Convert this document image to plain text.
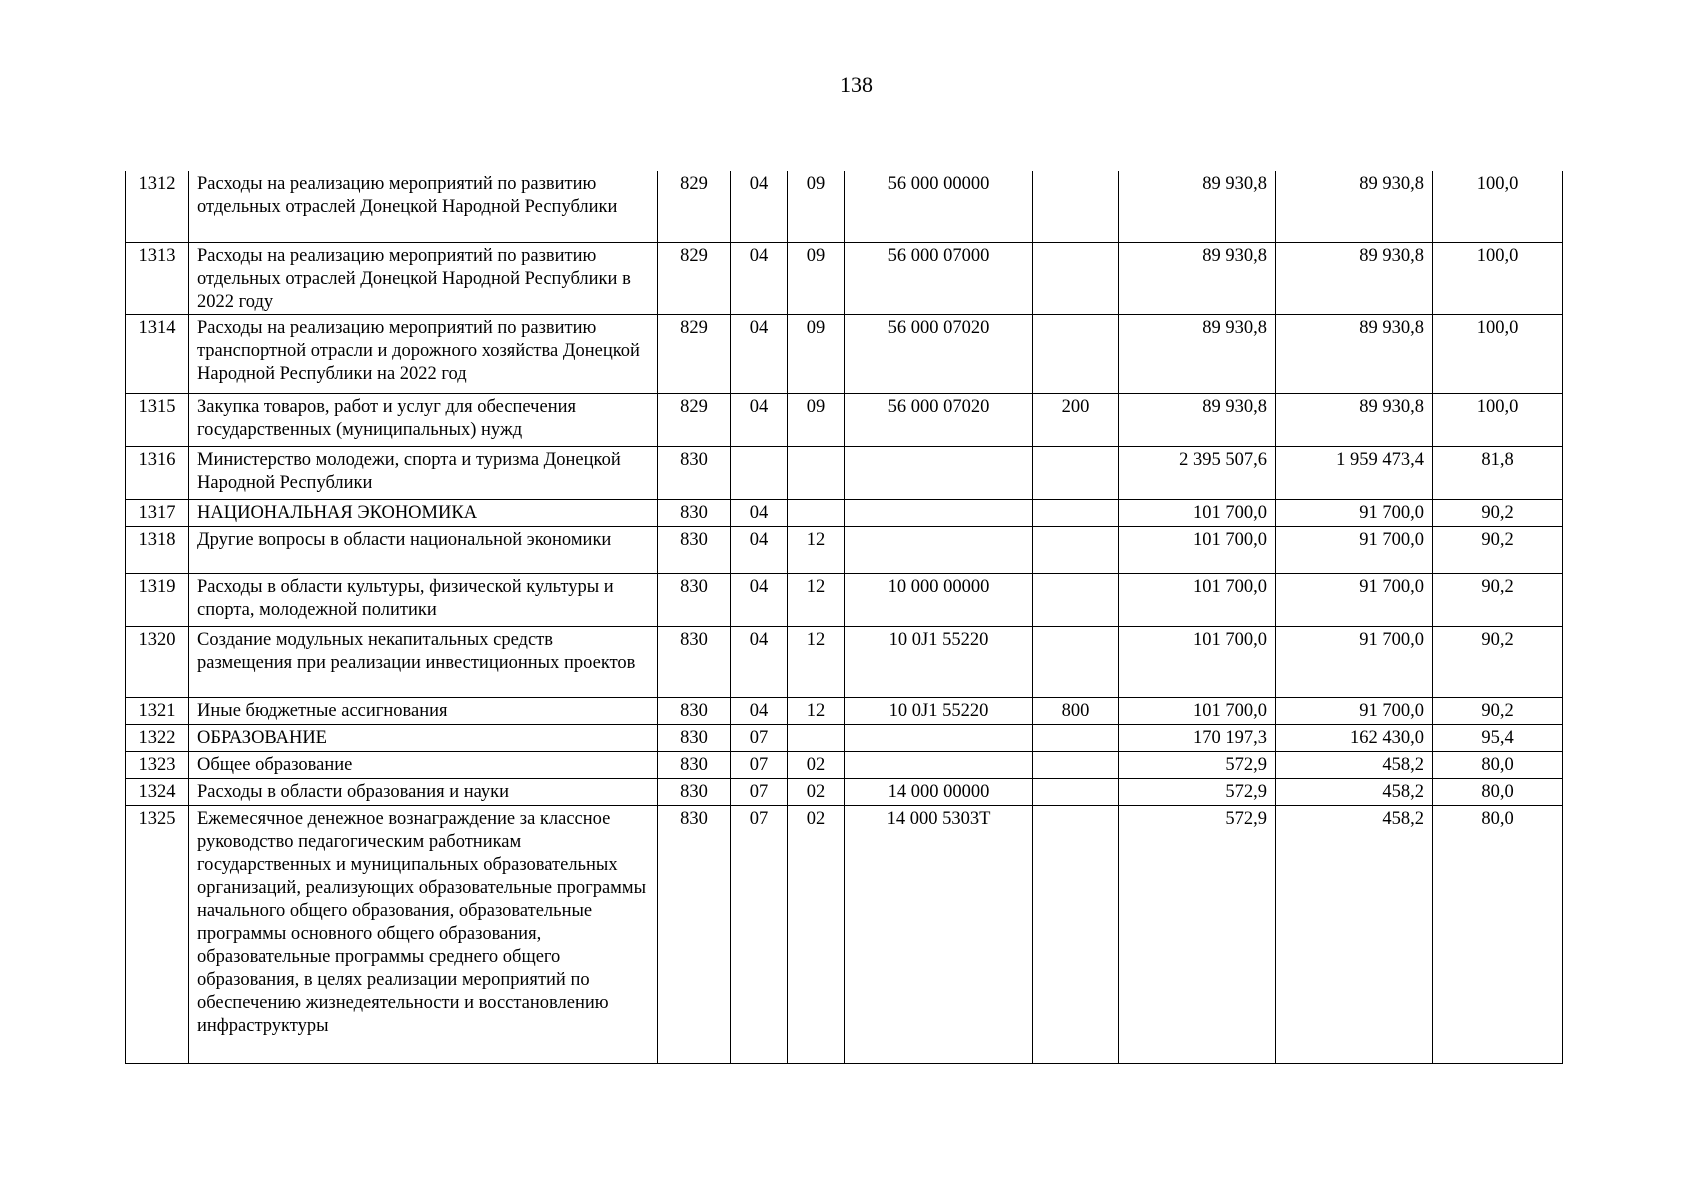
138
1312	Расходы на реализацию мероприятий по развитию отдельных отраслей Донецкой Народной Республики	829	04	09	56 000 00000		89 930,8	89 930,8	100,0
1313	Расходы на реализацию мероприятий по развитию отдельных отраслей Донецкой Народной Республики в 2022 году	829	04	09	56 000 07000		89 930,8	89 930,8	100,0
1314	Расходы на реализацию мероприятий по развитию транспортной отрасли и дорожного хозяйства Донецкой Народной Республики на 2022 год	829	04	09	56 000 07020		89 930,8	89 930,8	100,0
1315	Закупка товаров, работ и услуг для обеспечения государственных (муниципальных) нужд	829	04	09	56 000 07020	200	89 930,8	89 930,8	100,0
1316	Министерство молодежи, спорта и туризма Донецкой Народной Республики	830					2 395 507,6	1 959 473,4	81,8
1317	НАЦИОНАЛЬНАЯ ЭКОНОМИКА	830	04				101 700,0	91 700,0	90,2
1318	Другие вопросы в области национальной экономики	830	04	12			101 700,0	91 700,0	90,2
1319	Расходы в области культуры, физической культуры и спорта, молодежной политики	830	04	12	10 000 00000		101 700,0	91 700,0	90,2
1320	Создание модульных некапитальных средств размещения при реализации инвестиционных проектов	830	04	12	10 0J1 55220		101 700,0	91 700,0	90,2
1321	Иные бюджетные ассигнования	830	04	12	10 0J1 55220	800	101 700,0	91 700,0	90,2
1322	ОБРАЗОВАНИЕ	830	07				170 197,3	162 430,0	95,4
1323	Общее образование	830	07	02			572,9	458,2	80,0
1324	Расходы в области образования и науки	830	07	02	14 000 00000		572,9	458,2	80,0
1325	Ежемесячное денежное вознаграждение за классное руководство педагогическим работникам государственных и муниципальных образовательных организаций, реализующих образовательные программы начального общего образования, образовательные программы основного общего образования, образовательные программы среднего общего образования, в целях реализации мероприятий по обеспечению жизнедеятельности и восстановлению инфраструктуры	830	07	02	14 000 5303Т		572,9	458,2	80,0
